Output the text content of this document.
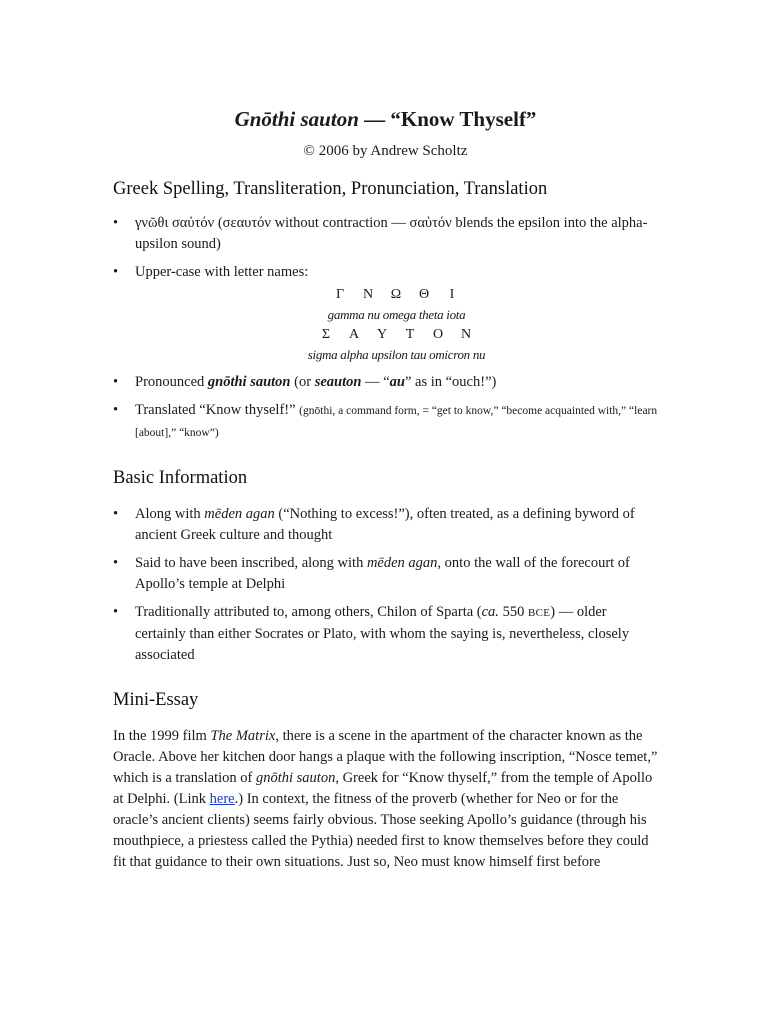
Gnōthi sauton — “Know Thyself”

© 2006 by Andrew Scholtz

Greek Spelling, Transliteration, Pronunciation, Translation
• γνῶθι σαὐτόν (σεαυτόν without contraction — σαὐτόν blends the epsilon into the alpha-upsilon sound)
• Upper-case with letter names:
Γ Ν Ω Θ Ι
gamma nu omega theta iota
Σ Α Υ Τ Ο Ν
sigma alpha upsilon tau omicron nu
• Pronounced gnōthi sauton (or seauton — “au” as in “ouch!”)
• Translated “Know thyself!” (gnōthi, a command form, = “get to know,” “become acquainted with,” “learn [about],” “know”)
Basic Information
• Along with mēden agan (“Nothing to excess!”), often treated, as a defining byword of ancient Greek culture and thought
• Said to have been inscribed, along with mēden agan, onto the wall of the forecourt of Apollo’s temple at Delphi
• Traditionally attributed to, among others, Chilon of Sparta (ca. 550 BCE) — older certainly than either Socrates or Plato, with whom the saying is, nevertheless, closely associated
Mini-Essay

In the 1999 film The Matrix, there is a scene in the apartment of the character known as the Oracle. Above her kitchen door hangs a plaque with the following inscription, “Nosce temet,” which is a translation of gnōthi sauton, Greek for “Know thyself,” from the temple of Apollo at Delphi. (Link here.) In context, the fitness of the proverb (whether for Neo or for the oracle’s ancient clients) seems fairly obvious. Those seeking Apollo’s guidance (through his mouthpiece, a priestess called the Pythia) needed first to know themselves before they could fit that guidance to their own situations. Just so, Neo must know himself first before
